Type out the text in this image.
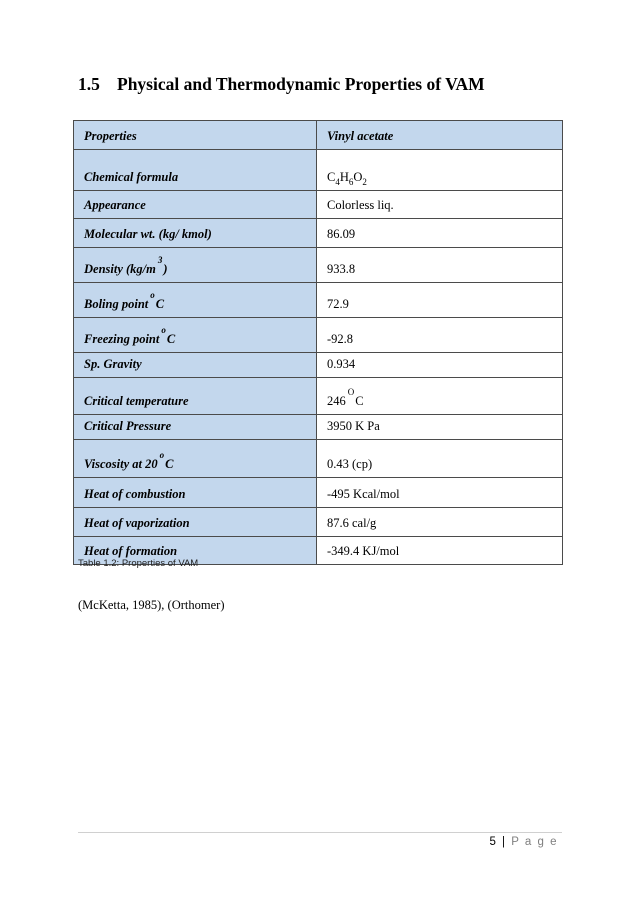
1.5 Physical and Thermodynamic Properties of VAM
Properties	Vinyl acetate
Chemical formula	$C_4H_6O_2$
Appearance	Colorless liq.
Molecular wt. (kg/ kmol)	86.09
Density $(kg/m^3)$	933.8
Boling point$^o$C	72.9
Freezing point$^o$C	-92.8
Sp. Gravity	0.934
Critical temperature	$246^OC$
Critical Pressure	3950 K Pa
Viscosity at 20$^o$C	0.43 (cp)
Heat of combustion	-495 Kcal/mol
Heat of vaporization	87.6 cal/g
Heat of formation	-349.4 KJ/mol
Table 1.2: Properties of VAM
(McKetta, 1985), (Orthomer)
5 | P a g e
